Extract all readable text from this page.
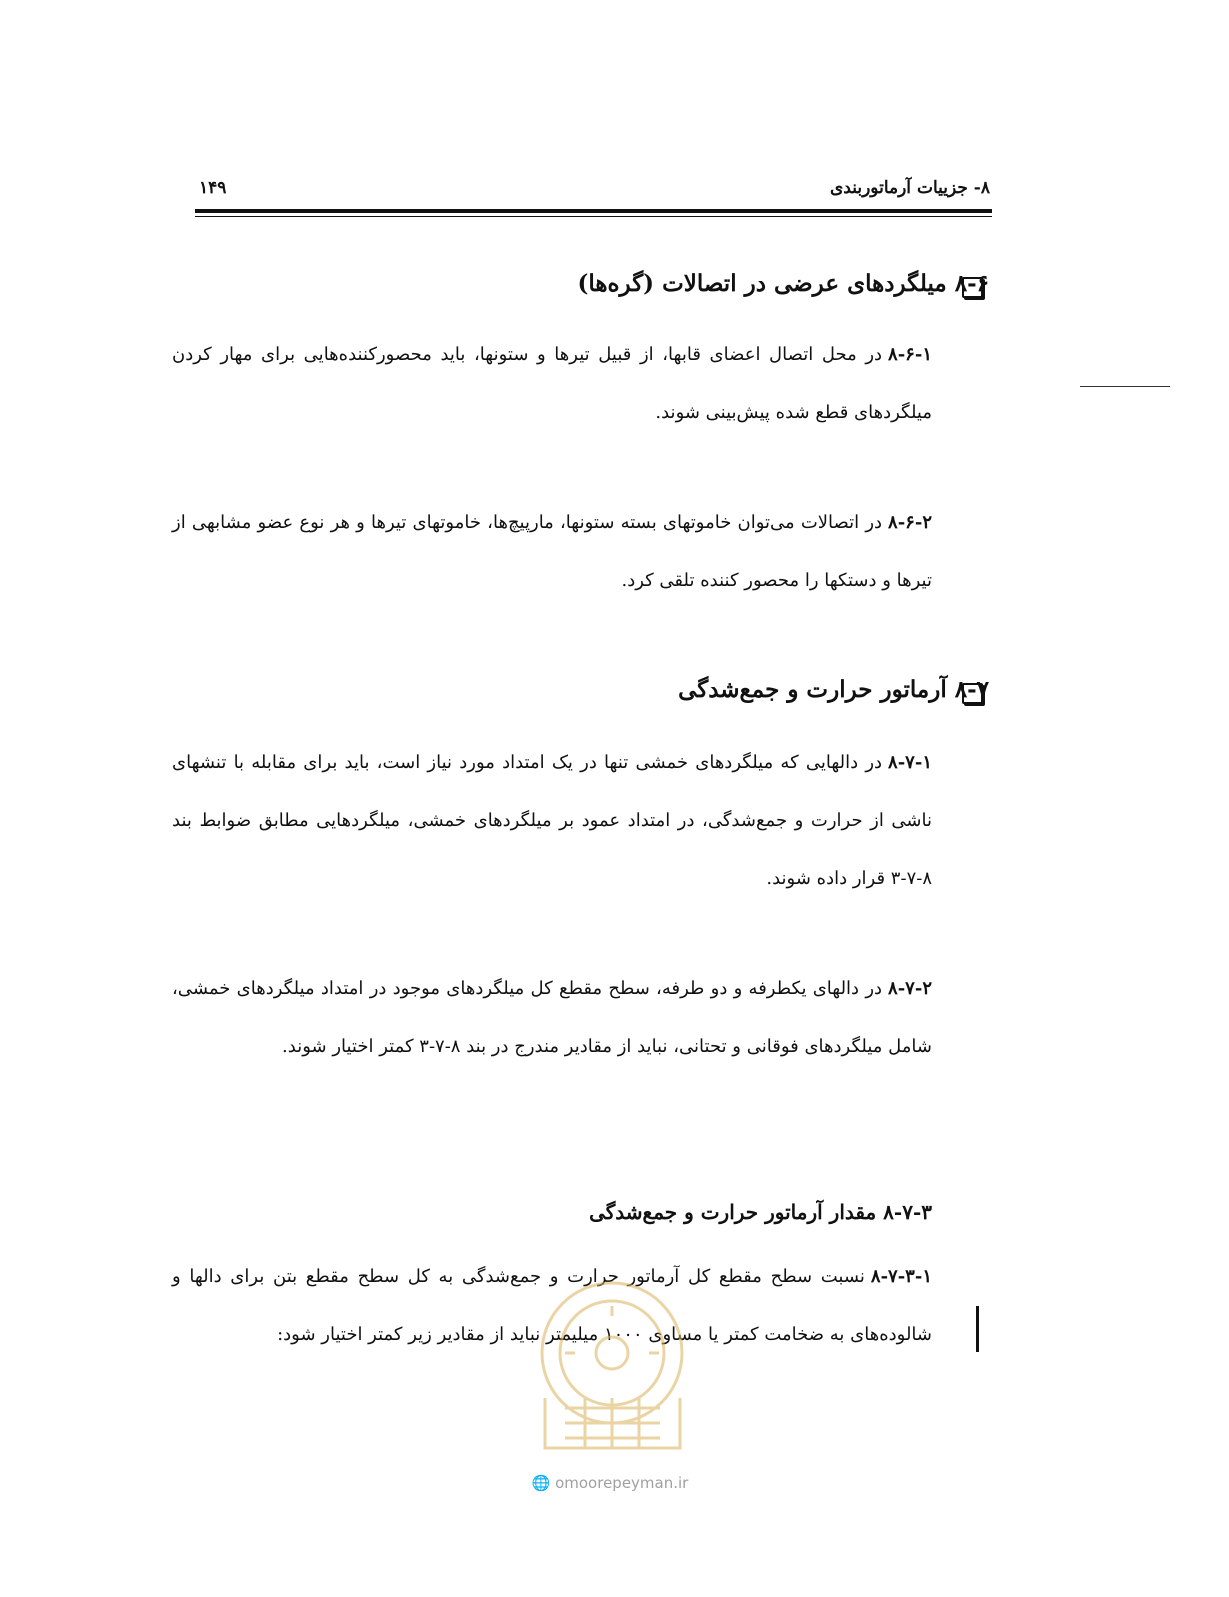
۸- جزییات آرماتوربندی
۱۴۹
۸-۶ میلگردهای عرضی در اتصالات (گره‌ها)
۸-۶-۱در محل اتصال اعضای قابها، از قبیل تیرها و ستونها، باید محصورکننده‌هایی برای مهار کردن میلگردهای قطع شده پیش‌بینی شوند.
۸-۶-۲در اتصالات می‌توان خاموتهای بسته ستونها، مارپیچ‌ها، خاموتهای تیرها و هر نوع عضو مشابهی از تیرها و دستکها را محصور کننده تلقی کرد.
۸-۷ آرماتور حرارت و جمع‌شدگی
۸-۷-۱در دالهایی که میلگردهای خمشی تنها در یک امتداد مورد نیاز است، باید برای مقابله با تنشهای ناشی از حرارت و جمع‌شدگی، در امتداد عمود بر میلگردهای خمشی، میلگردهایی مطابق ضوابط بند ۸-۷-۳ قرار داده شوند.
۸-۷-۲در دالهای یکطرفه و دو طرفه، سطح مقطع کل میلگردهای موجود در امتداد میلگردهای خمشی، شامل میلگردهای فوقانی و تحتانی، نباید از مقادیر مندرج در بند ۸-۷-۳ کمتر اختیار شوند.
۸-۷-۳ مقدار آرماتور حرارت و جمع‌شدگی
۸-۷-۳-۱نسبت سطح مقطع کل آرماتور حرارت و جمع‌شدگی به کل سطح مقطع بتن برای دالها و شالوده‌های به ضخامت کمتر یا مساوی ۱۰۰۰ میلیمتر نباید از مقادیر زیر کمتر اختیار شود:
🌐 omoorepeyman.ir
